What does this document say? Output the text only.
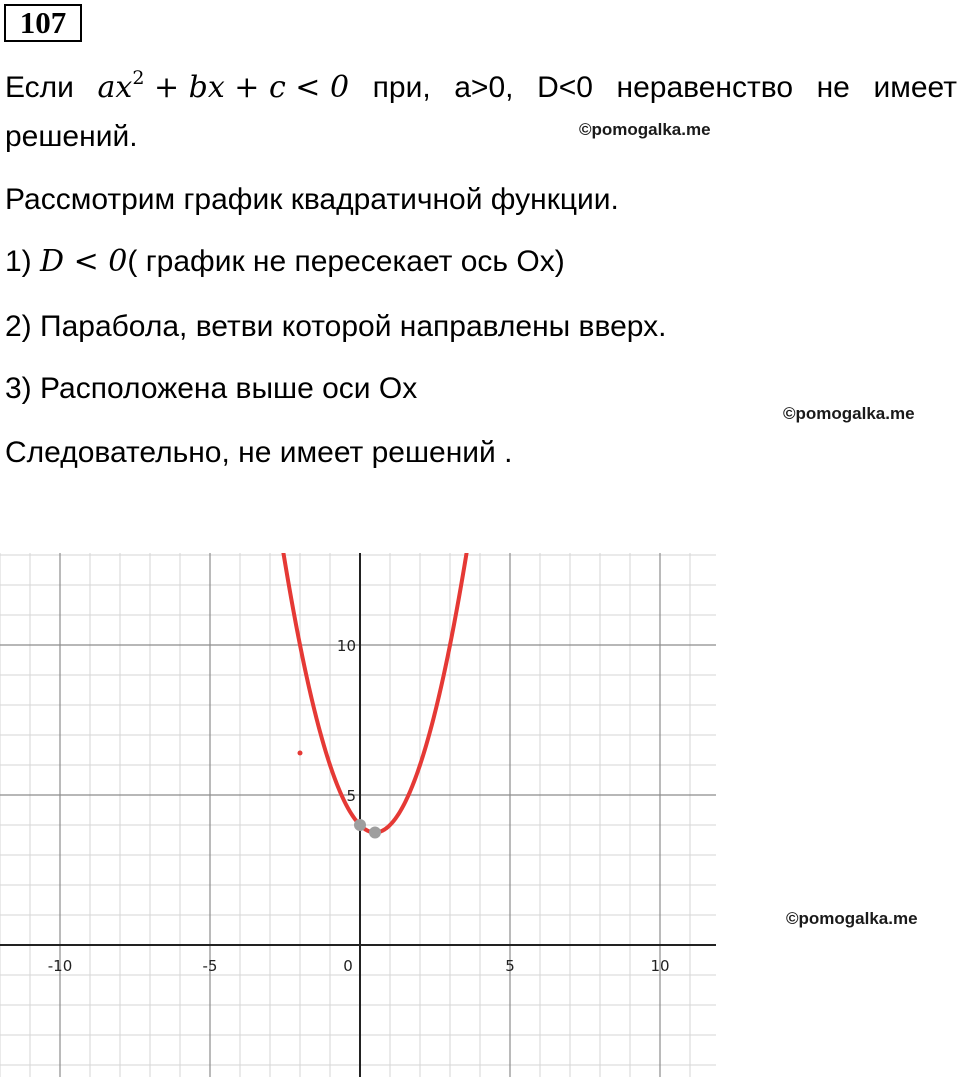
107
Если $ax^2$ + bx + c < 0 при, a>0, D<0 неравенство не имеет
решений.	©pomogalka.me
Рассмотрим график квадратичной функции.
1) D < 0( график не пересекает ось Ox)
2) Парабола, ветви которой направлены вверх.
3) Расположена выше оси Ox
©pomogalka.me
Следовательно, не имеет решений .
-10	-5	0	5	10
5
10
©pomogalka.me
